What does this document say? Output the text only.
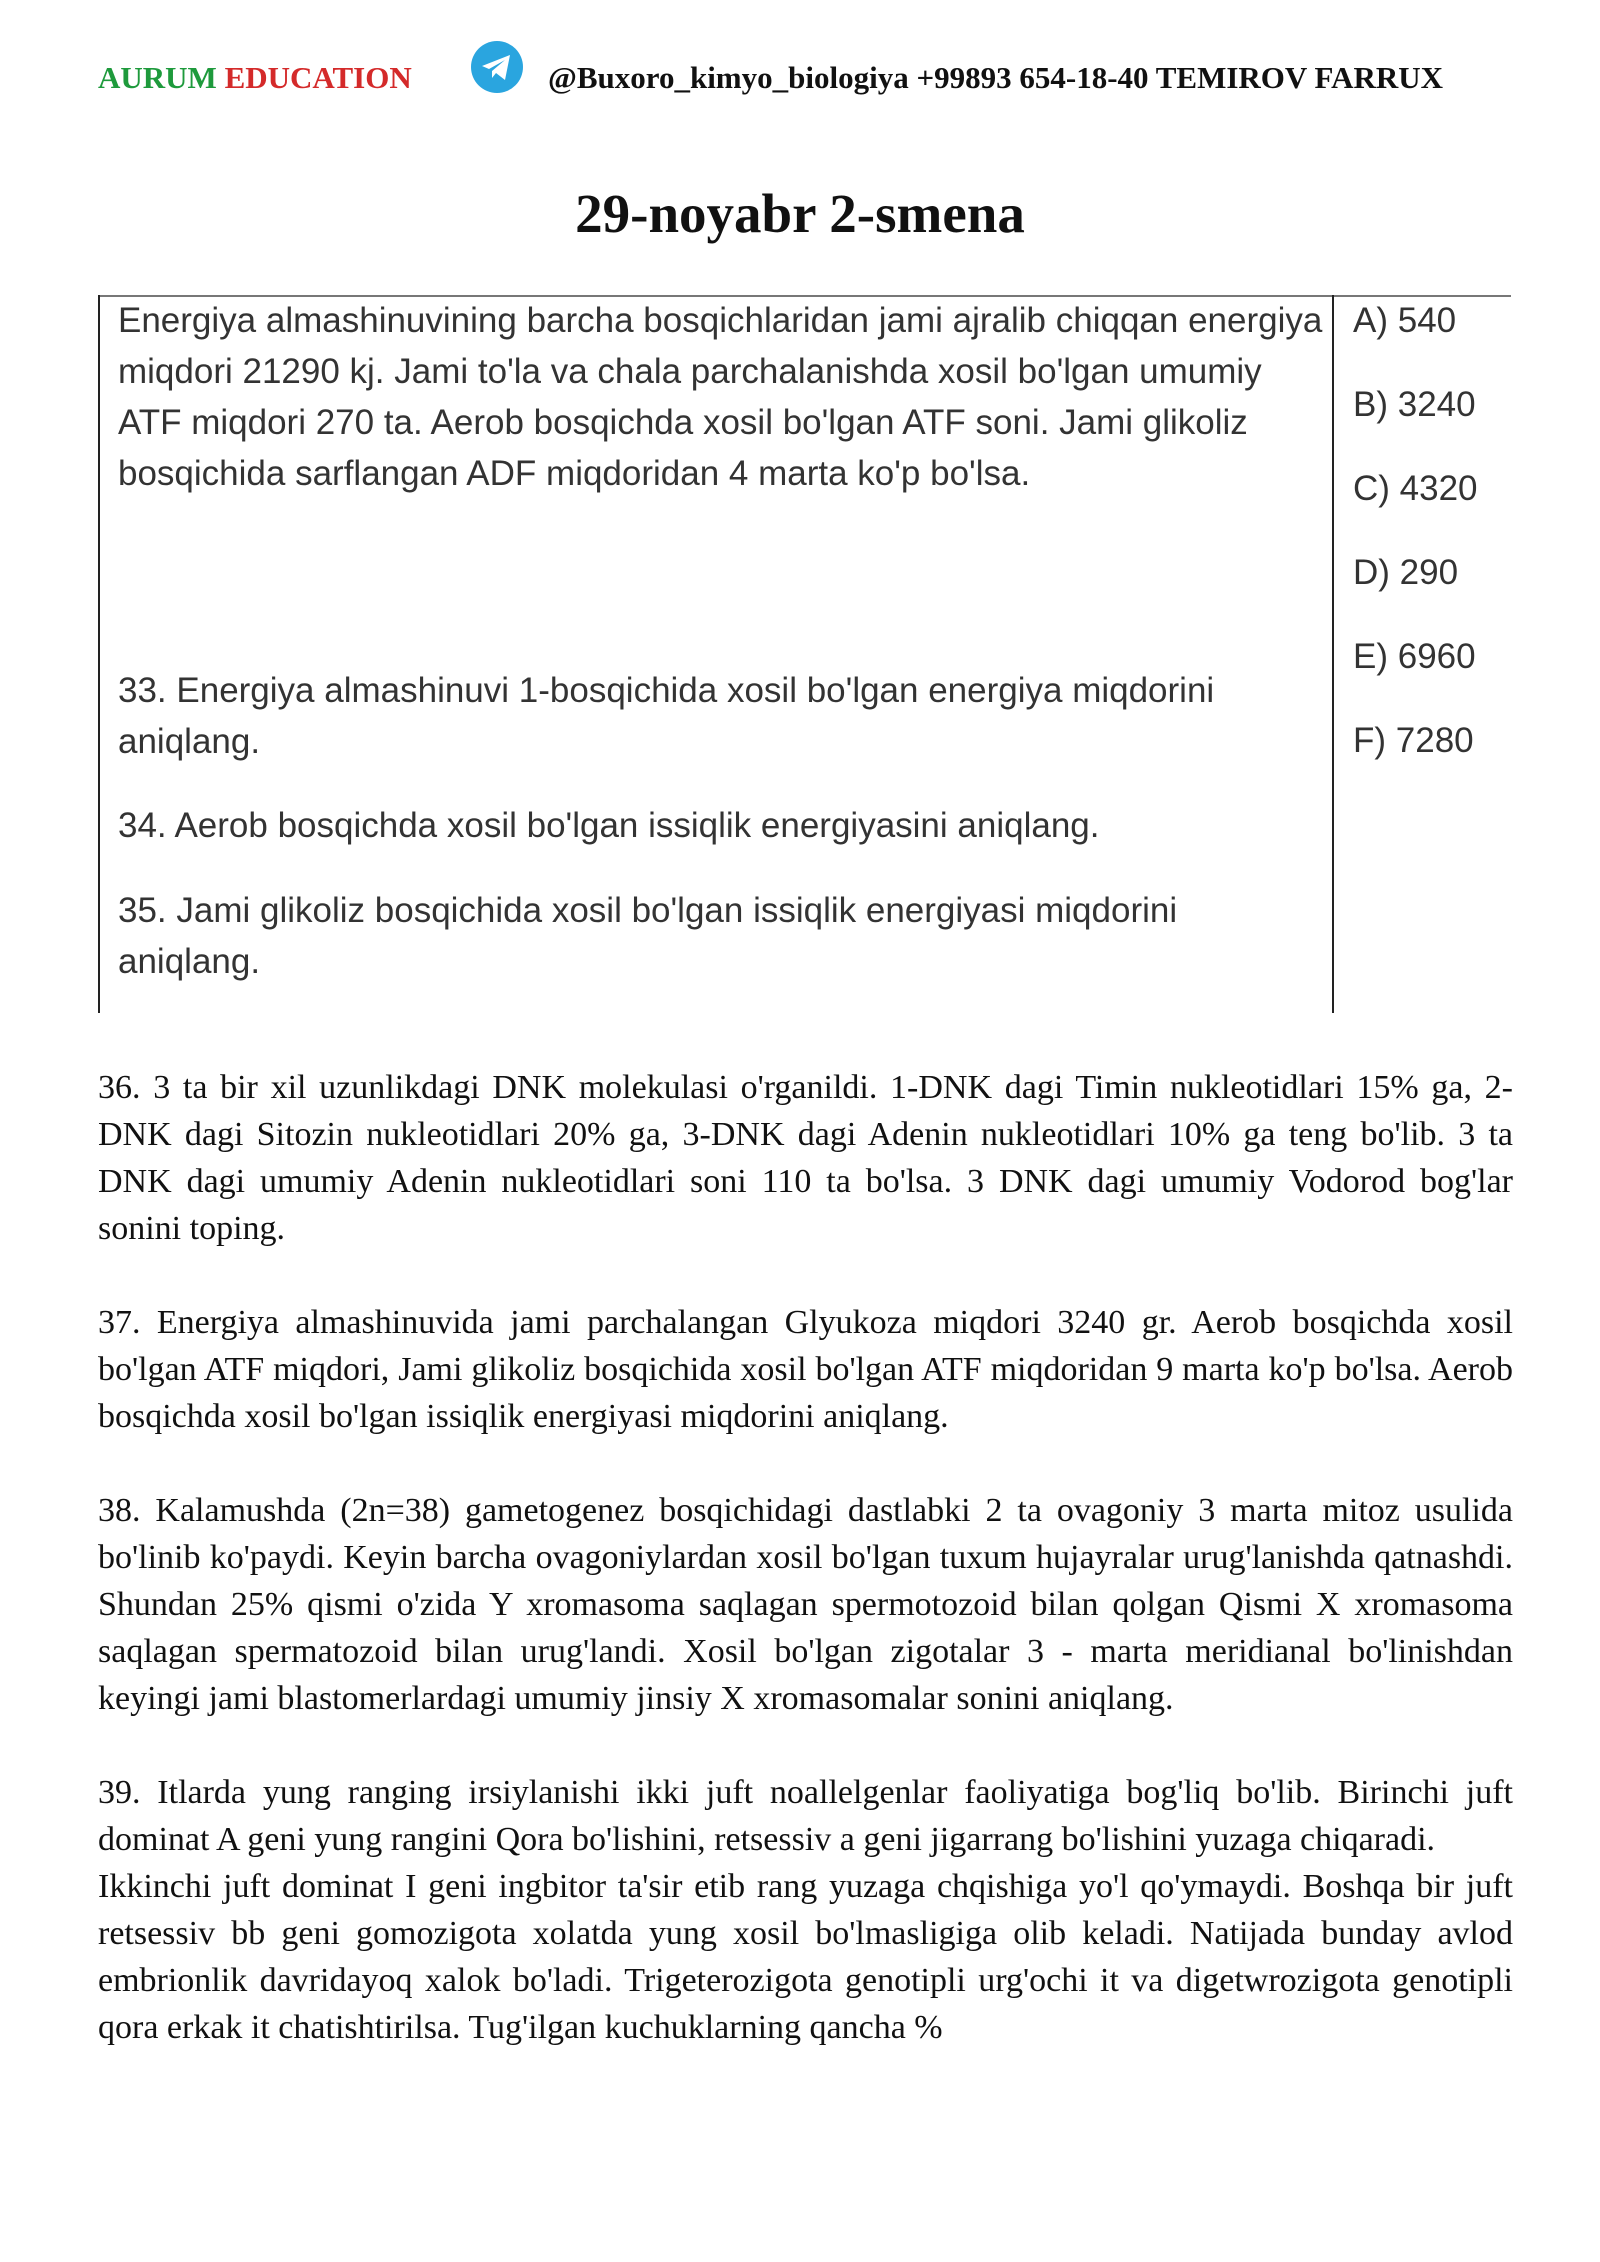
AURUM EDUCATION	@Buxoro_kimyo_biologiya +99893 654-18-40 TEMIROV FARRUX
29-noyabr 2-smena
Energiya almashinuvining barcha bosqichlaridan jami ajralib chiqqan energiya miqdori 21290 kj. Jami to'la va chala parchalanishda xosil bo'lgan umumiy ATF miqdori 270 ta. Aerob bosqichda xosil bo'lgan ATF soni. Jami glikoliz bosqichida sarflangan ADF miqdoridan 4 marta ko'p bo'lsa.
33. Energiya almashinuvi 1-bosqichida xosil bo'lgan energiya miqdorini aniqlang.
34. Aerob bosqichda xosil bo'lgan issiqlik energiyasini aniqlang.
35. Jami glikoliz bosqichida xosil bo'lgan issiqlik energiyasi miqdorini aniqlang.
A) 540
B) 3240
C) 4320
D) 290
E) 6960
F) 7280

36. 3 ta bir xil uzunlikdagi DNK molekulasi o'rganildi. 1-DNK dagi Timin nukleotidlari 15% ga, 2- DNK dagi Sitozin nukleotidlari 20% ga, 3-DNK dagi Adenin nukleotidlari 10% ga teng bo'lib. 3 ta DNK dagi umumiy Adenin nukleotidlari soni 110 ta bo'lsa. 3 DNK dagi umumiy Vodorod bog'lar sonini toping.

37. Energiya almashinuvida jami parchalangan Glyukoza miqdori 3240 gr. Aerob bosqichda xosil bo'lgan ATF miqdori, Jami glikoliz bosqichida xosil bo'lgan ATF miqdoridan 9 marta ko'p bo'lsa. Aerob bosqichda xosil bo'lgan issiqlik energiyasi miqdorini aniqlang.

38. Kalamushda (2n=38) gametogenez bosqichidagi dastlabki 2 ta ovagoniy 3 marta mitoz usulida bo'linib ko'paydi. Keyin barcha ovagoniylardan xosil bo'lgan tuxum hujayralar urug'lanishda qatnashdi. Shundan 25% qismi o'zida Y xromasoma saqlagan spermotozoid bilan qolgan Qismi X xromasoma saqlagan spermatozoid bilan urug'landi. Xosil bo'lgan zigotalar 3 - marta meridianal bo'linishdan keyingi jami blastomerlardagi umumiy jinsiy X xromasomalar sonini aniqlang.

39. Itlarda yung ranging irsiylanishi ikki juft noallelgenlar faoliyatiga bog'liq bo'lib. Birinchi juft dominat A geni yung rangini Qora bo'lishini, retsessiv a geni jigarrang bo'lishini yuzaga chiqaradi.

Ikkinchi juft dominat I geni ingbitor ta'sir etib rang yuzaga chqishiga yo'l qo'ymaydi. Boshqa bir juft retsessiv bb geni gomozigota xolatda yung xosil bo'lmasligiga olib keladi. Natijada bunday avlod embrionlik davridayoq xalok bo'ladi. Trigeterozigota genotipli urg'ochi it va digetwrozigota genotipli qora erkak it chatishtirilsa. Tug'ilgan kuchuklarning qancha %
